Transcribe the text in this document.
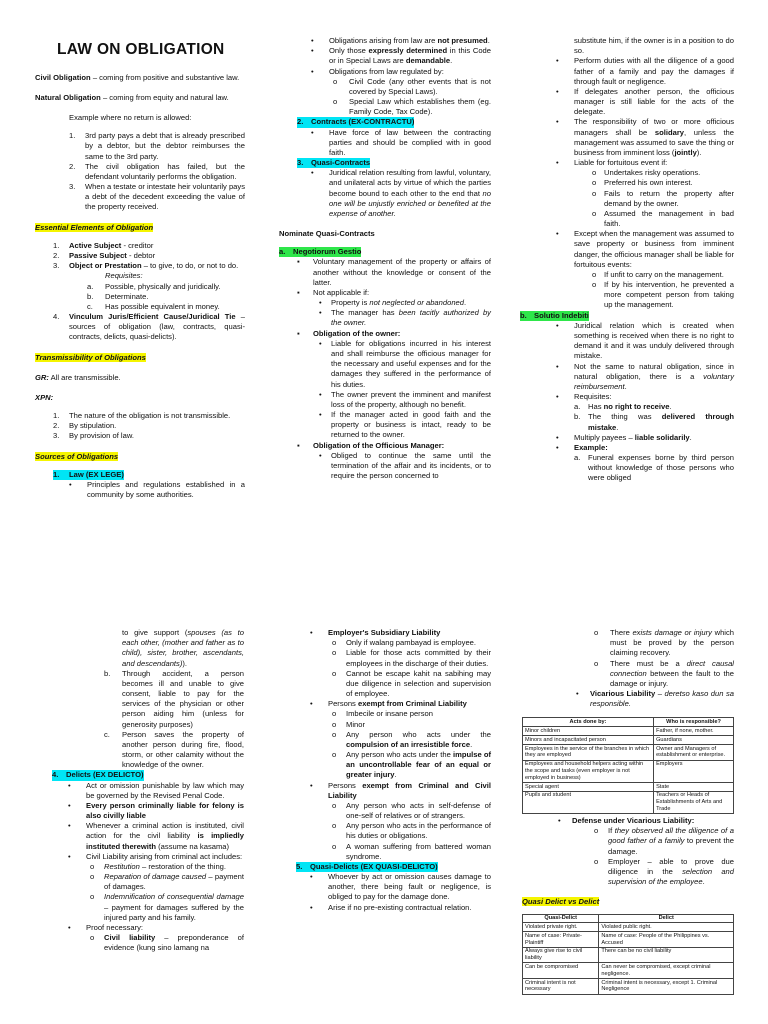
LAW ON OBLIGATION

Civil Obligation – coming from positive and substantive law.

Natural Obligation – coming from equity and natural law.

Example where no return is allowed:

1.	3rd party pays a debt that is already prescribed by a debtor, but the debtor reimburses the same to the 3rd party.
2.	The civil obligation has failed, but the defendant voluntarily performs the obligation.
3.	When a testate or intestate heir voluntarily pays a debt of the decedent exceeding the value of the property received.

Essential Elements of Obligation

1.	Active Subject - creditor
2.	Passive Subject - debtor
3.	Object or Prestation – to give, to do, or not to do.

Requisites:

a.	Possible, physically and juridically.
b.	Determinate.
c.	Has possible equivalent in money.
4.	Vinculum Juris/Efficient Cause/Juridical Tie – sources of obligation (law, contracts, quasi-contracts, delicts, quasi-delicts).

Transmissibility of Obligations

GR: All are transmissible.

XPN:

1.	The nature of the obligation is not transmissible.
2.	By stipulation.
3.	By provision of law.

Sources of Obligations

1.	Law (EX LEGE)
•	Principles and regulations established in a community by some authorities.
•	Obligations arising from law are not presumed.
•	Only those expressly determined in this Code or in Special Laws are demandable.
•	Obligations from law regulated by:
o	Civil Code (any other events that is not covered by Special Laws).
o	Special Law which establishes them (eg. Family Code, Tax Code).
2.	Contracts (EX-CONTRACTU)
•	Have force of law between the contracting parties and should be complied with in good faith.
3.	Quasi-Contracts
•	Juridical relation resulting from lawful, voluntary, and unilateral acts by virtue of which the parties become bound to each other to the end that no one will be unjustly enriched or benefited at the expense of another.

Nominate Quasi-Contracts

a.	Negotiorum Gestio
▪	Voluntary management of the property or affairs of another without the knowledge or consent of the latter.
▪	Not applicable if:
•	Property is not neglected or abandoned.
•	The manager has been tacitly authorized by the owner.
▪	Obligation of the owner:
•	Liable for obligations incurred in his interest and shall reimburse the officious manager for the necessary and useful expenses and for the damages they suffered in the performance of his duties.
•	The owner prevent the imminent and manifest loss of the property, although no benefit.
•	If the manager acted in good faith and the property or business is intact, ready to be returned to the owner.
▪	Obligation of the Officious Manager:
•	Obliged to continue the same until the termination of the affair and its incidents, or to require the person concerned to

substitute him, if the owner is in a position to do so.

•	Perform duties with all the diligence of a good father of a family and pay the damages if through fault or negligence.
•	If delegates another person, the officious manager is still liable for the acts of the delegate.
•	The responsibility of two or more officious managers shall be solidary, unless the management was assumed to save the thing or business from imminent loss (jointly).
•	Liable for fortuitous event if:
o	Undertakes risky operations.
o	Preferred his own interest.
o	Fails to return the property after demand by the owner.
o	Assumed the management in bad faith.
•	Except when the management was assumed to save property or business from imminent danger, the officious manager shall be liable for fortuitous events:
o	If unfit to carry on the management.
o	If by his intervention, he prevented a more competent person from taking up the management.
b. Solutio Indebiti
•	Juridical relation which is created when something is received when there is no right to demand it and it was unduly delivered through mistake.
•	Not the same to natural obligation, since in natural obligation, there is a voluntary reimbursement.
•	Requisites:
a.	Has no right to receive.
b.	The thing was delivered through mistake.
•	Multiply payees – liable solidarily.
•	Example:
a.	Funeral expenses borne by third person without knowledge of those persons who were obliged

to give support (spouses (as to each other, (mother and father as to child), sister, brother, ascendants, and descendants)).

b.	Through accident, a person becomes ill and unable to give consent, liable to pay for the services of the physician or other person aiding him (unless for generosity purposes)
c.	Person saves the property of another person during fire, flood, storm, or other calamity without the knowledge of the owner.
4.	Delicts (EX DELICTO)
•	Act or omission punishable by law which may be governed by the Revised Penal Code.
•	Every person criminally liable for felony is also civilly liable
•	Whenever a criminal action is instituted, civil action for the civil liability is impliedly instituted therewith (assume na kasama)
•	Civil Liability arising from criminal act includes:
o	Restitution – restoration of the thing.
o	Reparation of damage caused – payment of damages.
o	Indemnification of consequential damage – payment for damages suffered by the injured party and his family.
•	Proof necessary:
o	Civil liability – preponderance of evidence (kung sino lamang na
•	Employer's Subsidiary Liability
o	Only if walang pambayad is employee.
o	Liable for those acts committed by their employees in the discharge of their duties.
o	Cannot be escape kahit na sabihing may due diligence in selection and supervision of employee.
•	Persons exempt from Criminal Liability
o	Imbecile or insane person
o	Minor
o	Any person who acts under the compulsion of an irresistible force.
o	Any person who acts under the impulse of an uncontrollable fear of an equal or greater injury.
•	Persons exempt from Criminal and Civil Liability
o	Any person who acts in self-defense of one-self of relatives or of strangers.
o	Any person who acts in the performance of his duties or obligations.
o	A woman suffering from battered woman syndrome.
5.	Quasi-Delicts (EX QUASI-DELICTO)
•	Whoever by act or omission causes damage to another, there being fault or negligence, is obliged to pay for the damage done.
•	Arise if no pre-existing contractual relation.
o	There exists damage or injury which must be proved by the person claiming recovery.
o	There must be a direct causal connection between the fault to the damage or injury.
•	Vicarious Liability – deretso kaso dun sa responsible.
Acts done by:	Who is responsible?
Minor children	Father, if none, mother.
Minors and incapacitated person	Guardians
Employees in the service of the branches in which they are employed	Owner and Managers of establishment or enterprise.
Employees and household helpers acting within the scope and tasks (even employer is not employed in business)	Employers
Special agent	State
Pupils and student	Teachers or Heads of Establishments of Arts and Trade
•	Defense under Vicarious Liability:
o	If they observed all the diligence of a good father of a family to prevent the damage.
o	Employer – able to prove due diligence in the selection and supervision of the employee.

Quasi Delict vs Delict

Quasi-Delict	Delict
Violated private right.	Violated public right.
Name of case: Private-Plaintiff	Name of case: People of the Philippines vs. Accused
Always give rise to civil liability	There can be no civil liability
Can be compromised	Can never be compromised, except criminal negligence.
Criminal intent is not necessary	Criminal intent is necessary, except 1. Criminal Negligence
